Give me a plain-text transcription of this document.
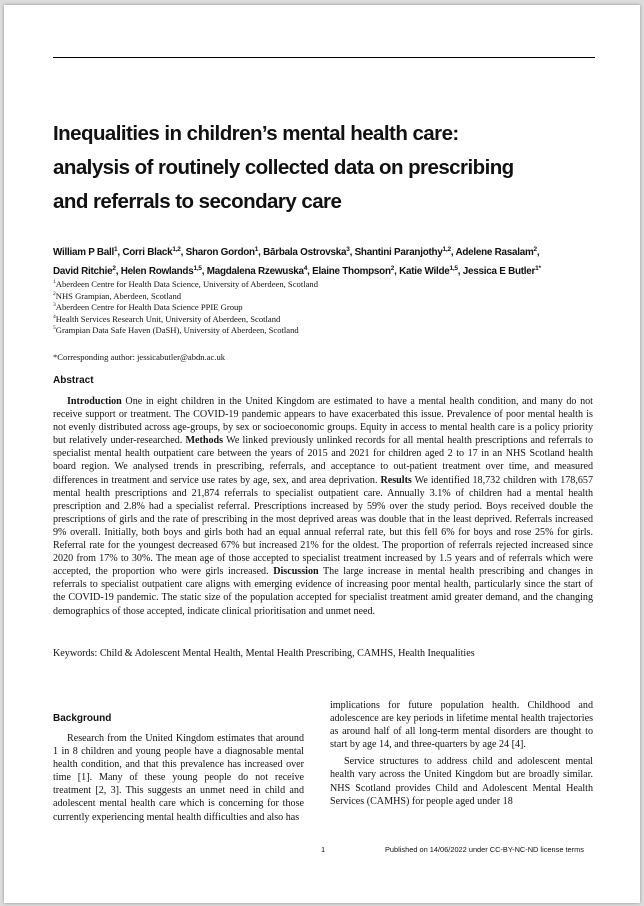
Inequalities in children’s mental health care:
analysis of routinely collected data on prescribing
and referrals to secondary care
William P Ball$^1$, Corri Black$^{1,2}$, Sharon Gordon$^1$, Bārbala Ostrovska$^3$, Shantini Paranjothy$^{1,2}$, Adelene Rasalam$^2$,
David Ritchie$^2$, Helen Rowlands$^{1,5}$, Magdalena Rzewuska$^4$, Elaine Thompson$^2$, Katie Wilde$^{1,5}$, Jessica E Butler$^{1*}$
$^1$Aberdeen Centre for Health Data Science, University of Aberdeen, Scotland
$^2$NHS Grampian, Aberdeen, Scotland
$^3$Aberdeen Centre for Health Data Science PPIE Group
$^4$Health Services Research Unit, University of Aberdeen, Scotland
$^5$Grampian Data Safe Haven (DaSH), University of Aberdeen, Scotland
*Corresponding author: jessicabutler@abdn.ac.uk
Abstract

Introduction One in eight children in the United Kingdom are estimated to have a mental health condition, and many do not receive support or treatment. The COVID-19 pandemic appears to have exacerbated this issue. Prevalence of poor mental health is not evenly distributed across age-groups, by sex or socioeconomic groups. Equity in access to mental health care is a policy priority but relatively under-researched. Methods We linked previously unlinked records for all mental health prescriptions and referrals to specialist mental health outpatient care between the years of 2015 and 2021 for children aged 2 to 17 in an NHS Scotland health board region. We analysed trends in prescribing, referrals, and acceptance to out-patient treatment over time, and measured differences in treatment and service use rates by age, sex, and area deprivation. Results We identified 18,732 children with 178,657 mental health prescriptions and 21,874 referrals to specialist outpatient care. Annually 3.1% of children had a mental health prescription and 2.8% had a specialist referral. Prescriptions increased by 59% over the study period. Boys received double the prescriptions of girls and the rate of prescribing in the most deprived areas was double that in the least deprived. Referrals increased 9% overall. Initially, both boys and girls both had an equal annual referral rate, but this fell 6% for boys and rose 25% for girls. Referral rate for the youngest decreased 67% but increased 21% for the oldest. The proportion of referrals rejected increased since 2020 from 17% to 30%. The mean age of those accepted to specialist treatment increased by 1.5 years and of referrals which were accepted, the proportion who were girls increased. Discussion The large increase in mental health prescribing and changes in referrals to specialist outpatient care aligns with emerging evidence of increasing poor mental health, particularly since the start of the COVID-19 pandemic. The static size of the population accepted for specialist treatment amid greater demand, and the changing demographics of those accepted, indicate clinical prioritisation and unmet need.

Keywords: Child & Adolescent Mental Health, Mental Health Prescribing, CAMHS, Health Inequalities
Background

Research from the United Kingdom estimates that around 1 in 8 children and young people have a diagnosable mental health condition, and that this prevalence has increased over time [1]. Many of these young people do not receive treatment [2, 3]. This suggests an unmet need in child and adolescent mental health care which is concerning for those currently experiencing mental health difficulties and also has

implications for future population health. Childhood and adolescence are key periods in lifetime mental health trajectories as around half of all long-term mental disorders are thought to start by age 14, and three-quarters by age 24 [4].

Service structures to address child and adolescent mental health vary across the United Kingdom but are broadly similar. NHS Scotland provides Child and Adolescent Mental Health Services (CAMHS) for people aged under 18

1	Published on 14/06/2022 under CC-BY-NC-ND license terms
